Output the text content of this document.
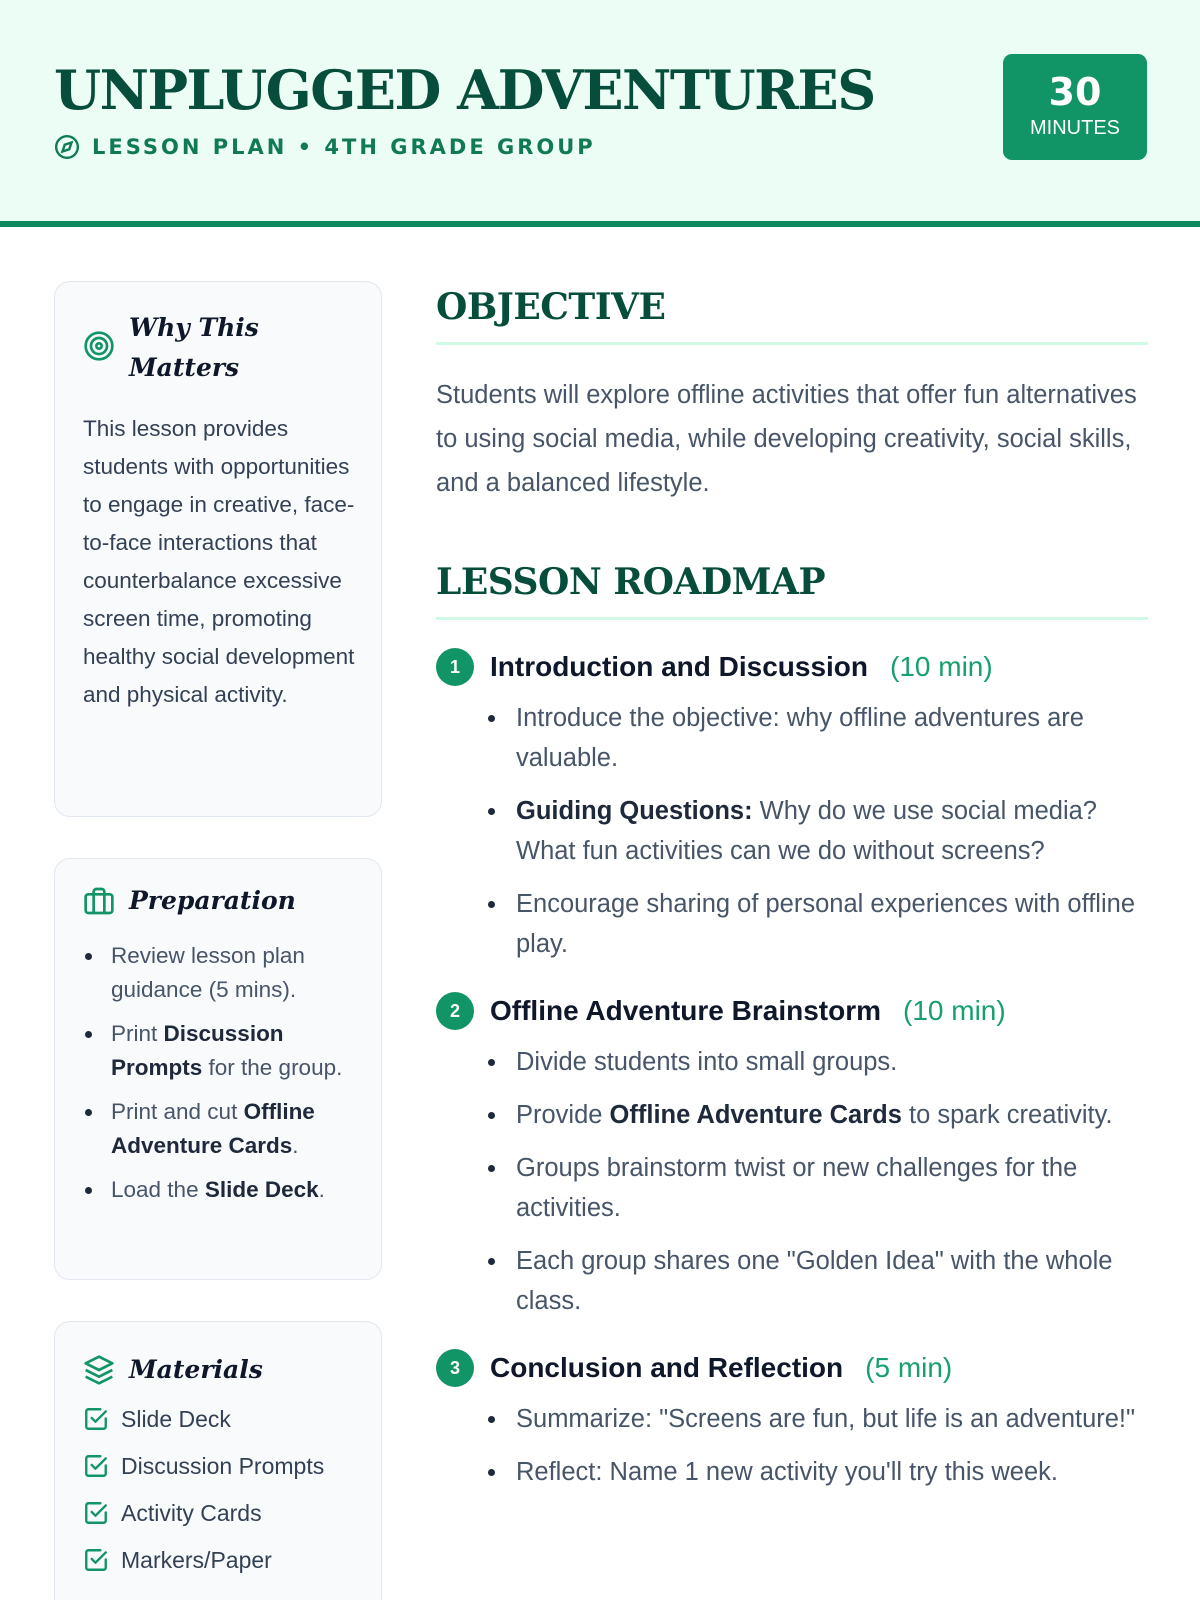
UNPLUGGED ADVENTURES
LESSON PLAN • 4TH GRADE GROUP
30
MINUTES
Why This Matters

This lesson provides students with opportunities to engage in creative, face-to-face interactions that counterbalance excessive screen time, promoting healthy social development and physical activity.

Preparation
Review lesson plan guidance (5 mins).
Print Discussion Prompts for the group.
Print and cut Offline Adventure Cards.
Load the Slide Deck.
Materials
Slide Deck
Discussion Prompts
Activity Cards
Markers/Paper
OBJECTIVE

Students will explore offline activities that offer fun alternatives to using social media, while developing creativity, social skills, and a balanced lifestyle.

LESSON ROADMAP
1	Introduction and Discussion (10 min)
Introduce the objective: why offline adventures are valuable.
Guiding Questions: Why do we use social media? What fun activities can we do without screens?
Encourage sharing of personal experiences with offline play.
2	Offline Adventure Brainstorm (10 min)
Divide students into small groups.
Provide Offline Adventure Cards to spark creativity.
Groups brainstorm twist or new challenges for the activities.
Each group shares one "Golden Idea" with the whole class.
3	Conclusion and Reflection (5 min)
Summarize: "Screens are fun, but life is an adventure!"
Reflect: Name 1 new activity you'll try this week.
